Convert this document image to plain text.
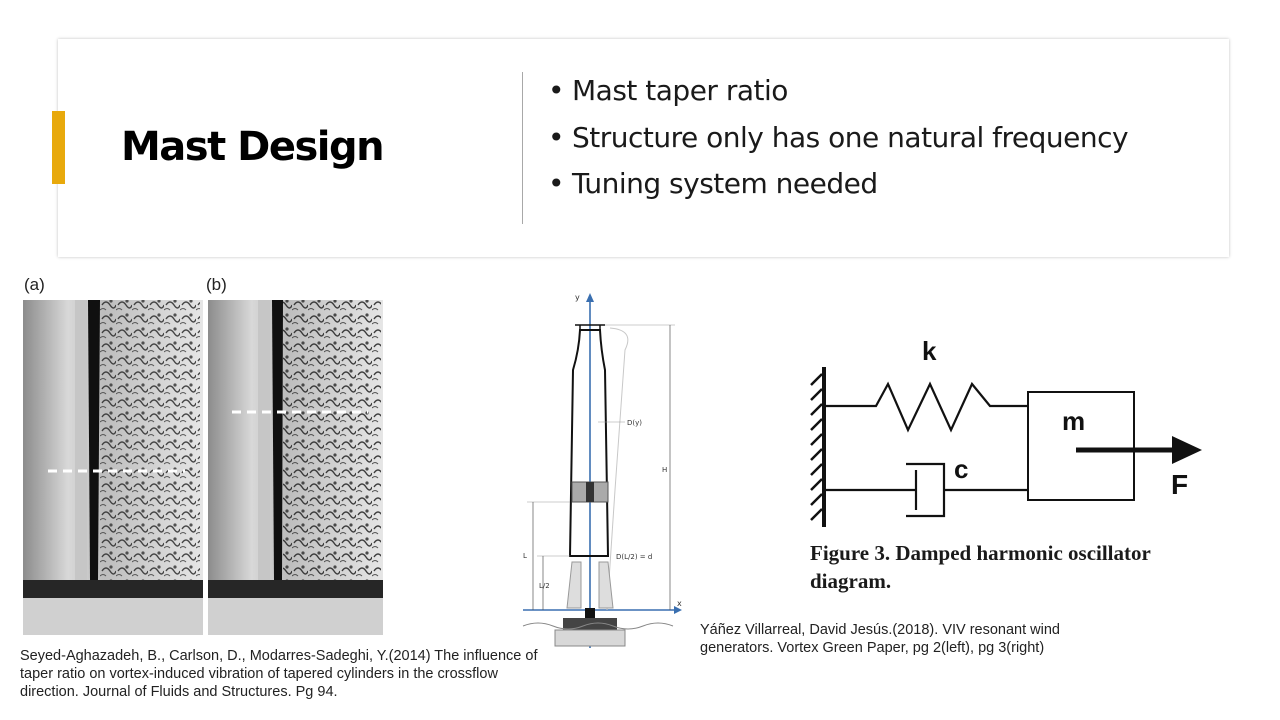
Mast Design
• Mast taper ratio
• Structure only has one natural frequency
• Tuning system needed
(a)	(b)
y
x
H
D(y)
L
L/2
D(L/2) = d
k
c
m
F
Figure 3. Damped harmonic oscillator
diagram.

Seyed-Aghazadeh, B., Carlson, D., Modarres-Sadeghi, Y.(2014) The influence of taper ratio on vortex-induced vibration of tapered cylinders in the crossflow direction. Journal of Fluids and Structures. Pg 94.

Yáñez Villarreal, David Jesús.(2018). VIV resonant wind generators. Vortex Green Paper, pg 2(left), pg 3(right)
